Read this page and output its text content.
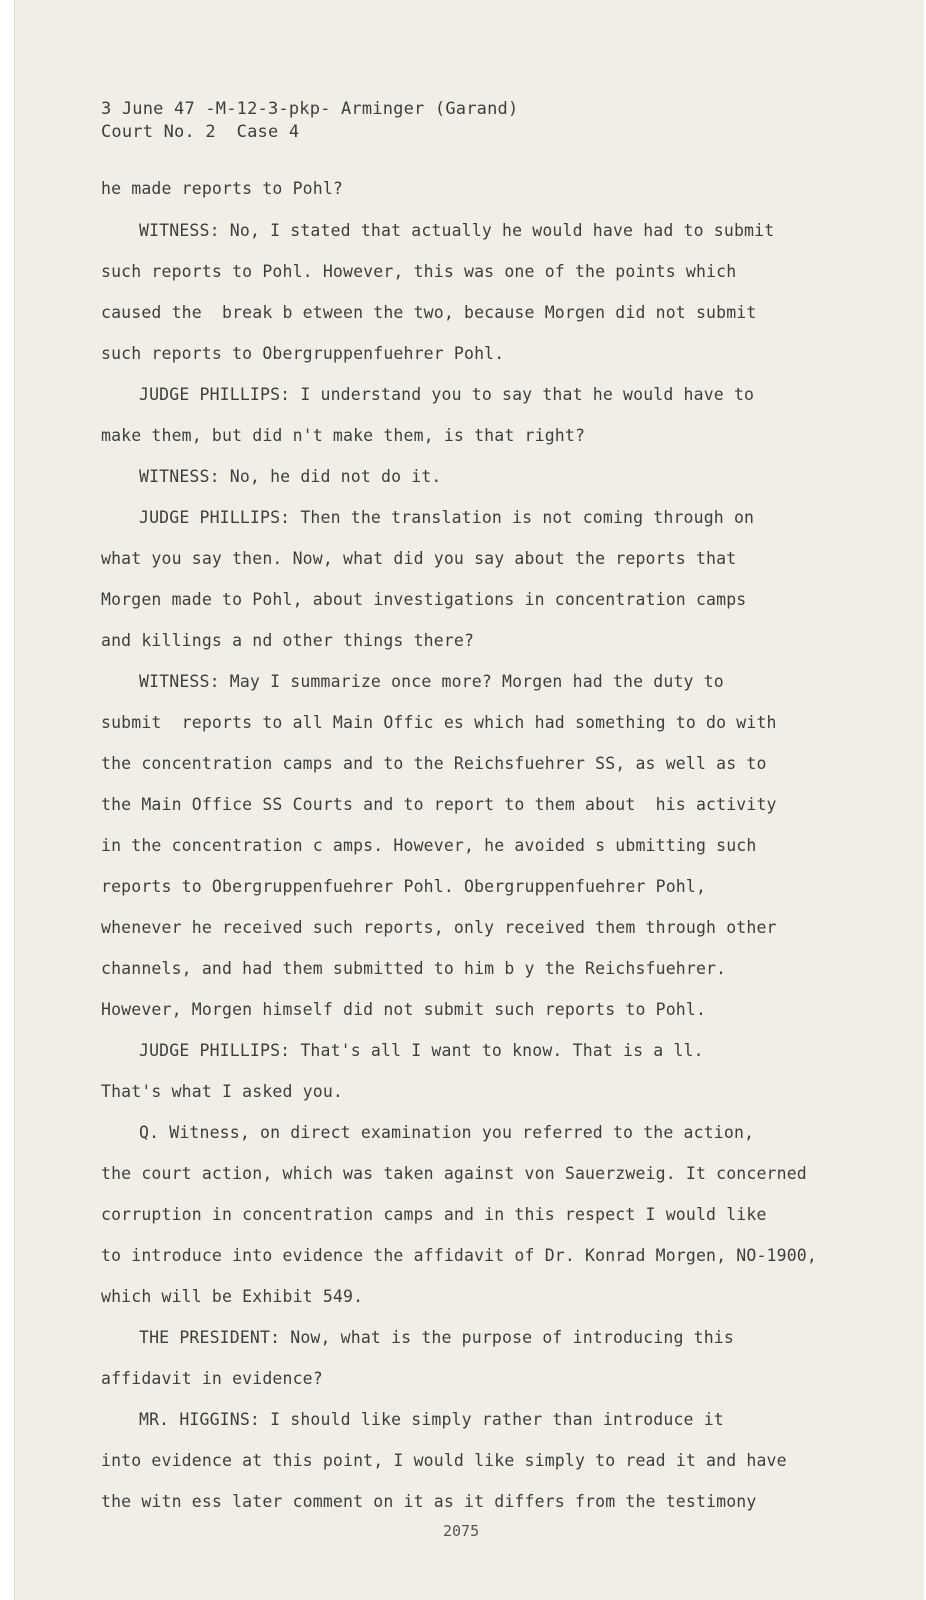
3 June 47 -M-12-3-pkp- Arminger (Garand)
Court No. 2  Case 4
he made reports to Pohl?
WITNESS: No, I stated that actually he would have had to submit
such reports to Pohl. However, this was one of the points which
caused the  break b etween the two, because Morgen did not submit
such reports to Obergruppenfuehrer Pohl.
JUDGE PHILLIPS: I understand you to say that he would have to
make them, but did n't make them, is that right?
WITNESS: No, he did not do it.
JUDGE PHILLIPS: Then the translation is not coming through on
what you say then. Now, what did you say about the reports that
Morgen made to Pohl, about investigations in concentration camps
and killings a nd other things there?
WITNESS: May I summarize once more? Morgen had the duty to
submit  reports to all Main Offic es which had something to do with
the concentration camps and to the Reichsfuehrer SS, as well as to
the Main Office SS Courts and to report to them about  his activity
in the concentration c amps. However, he avoided s ubmitting such
reports to Obergruppenfuehrer Pohl. Obergruppenfuehrer Pohl,
whenever he received such reports, only received them through other
channels, and had them submitted to him b y the Reichsfuehrer.
However, Morgen himself did not submit such reports to Pohl.
JUDGE PHILLIPS: That's all I want to know. That is a ll.
That's what I asked you.
Q. Witness, on direct examination you referred to the action,
the court action, which was taken against von Sauerzweig. It concerned
corruption in concentration camps and in this respect I would like
to introduce into evidence the affidavit of Dr. Konrad Morgen, NO-1900,
which will be Exhibit 549.
THE PRESIDENT: Now, what is the purpose of introducing this
affidavit in evidence?
MR. HIGGINS: I should like simply rather than introduce it
into evidence at this point, I would like simply to read it and have
the witn ess later comment on it as it differs from the testimony
2075
